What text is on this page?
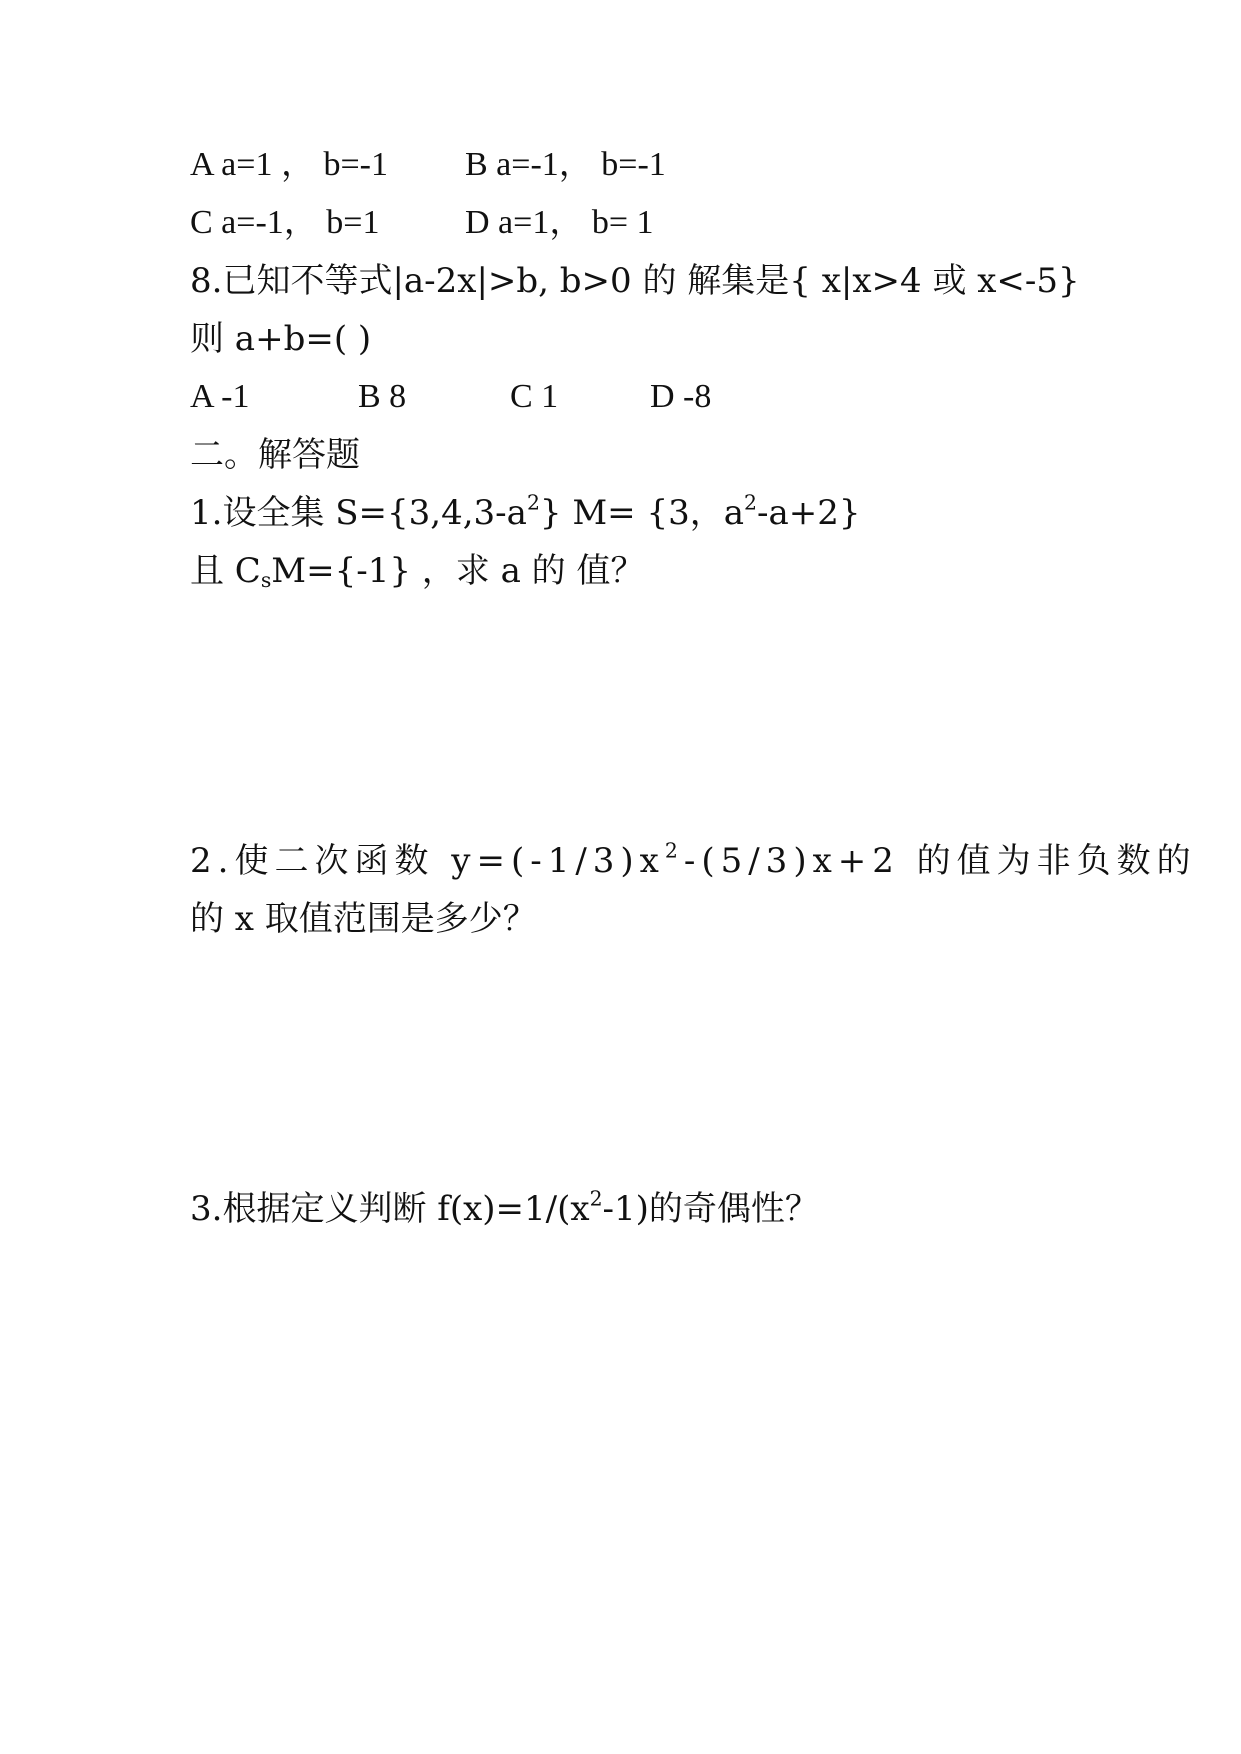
A a=1 ， b=-1 B a=-1， b=-1
C a=-1， b=1	D a=1， b= 1
8.已知不等式|a-2x|>b, b>0 的 解集是{ x|x>4 或 x<-5}
则 a+b=( )
A -1	B 8	C 1	D -8
二。解答题
1.设全集 $S=\{3,4,3-a^2\}$ M= {3，$a^2-a+2$}
且 $C_sM=\{-1\}$ ，求 a 的 值？
2.使二次函数 $y=(-1/3)x^2-(5/3)x+2$ 的值为非负数的
的 x 取值范围是多少？
3.根据定义判断 $f(x)=1/(x^2-1)$的奇偶性？
